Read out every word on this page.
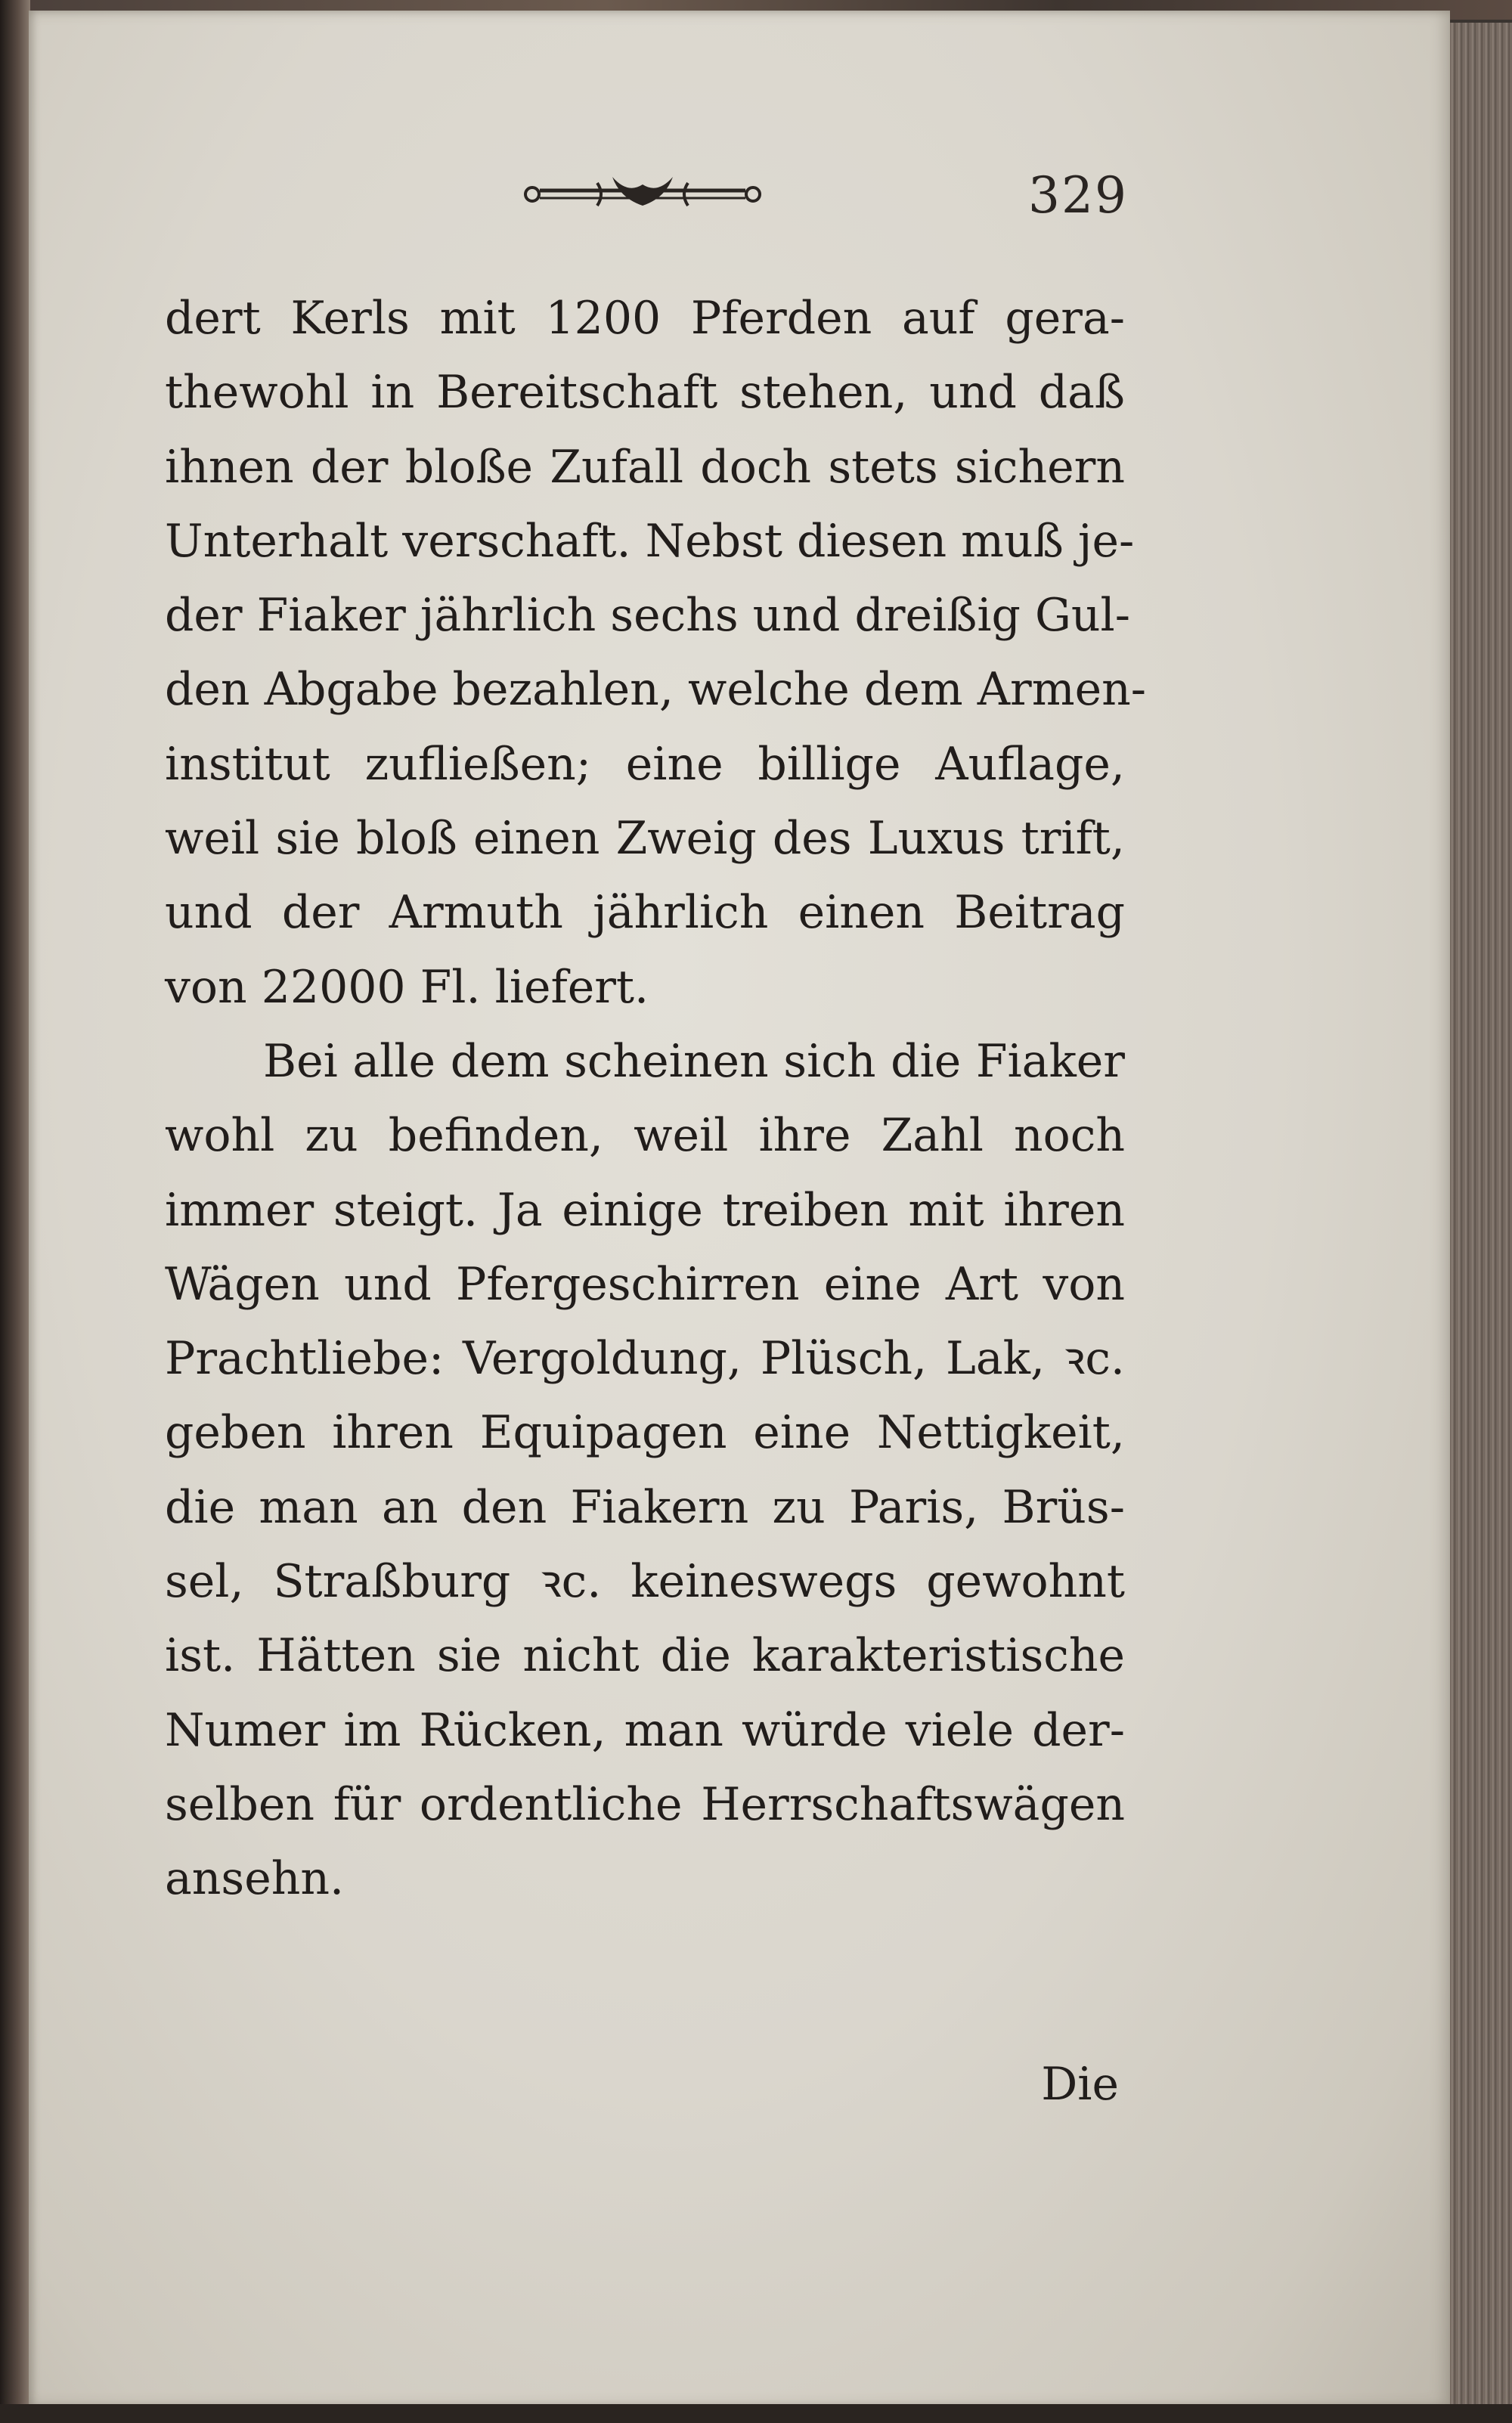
329
dert Kerls mit 1200 Pferden auf gera-
thewohl in Bereitschaft stehen, und daß
ihnen der bloße Zufall doch stets sichern
Unterhalt verschaft. Nebst diesen muß je-
der Fiaker jährlich sechs und dreißig Gul-
den Abgabe bezahlen, welche dem Armen-
institut zufließen; eine billige Auflage,
weil sie bloß einen Zweig des Luxus trift,
und der Armuth jährlich einen Beitrag
von 22000 Fl. liefert.
Bei alle dem scheinen sich die Fiaker
wohl zu befinden, weil ihre Zahl noch
immer steigt. Ja einige treiben mit ihren
Wägen und Pfergeschirren eine Art von
Prachtliebe: Vergoldung, Plüsch, Lak, ꝛc.
geben ihren Equipagen eine Nettigkeit,
die man an den Fiakern zu Paris, Brüs-
sel, Straßburg ꝛc. keineswegs gewohnt
ist. Hätten sie nicht die karakteristische
Numer im Rücken, man würde viele der-
selben für ordentliche Herrschaftswägen
ansehn.
Die
